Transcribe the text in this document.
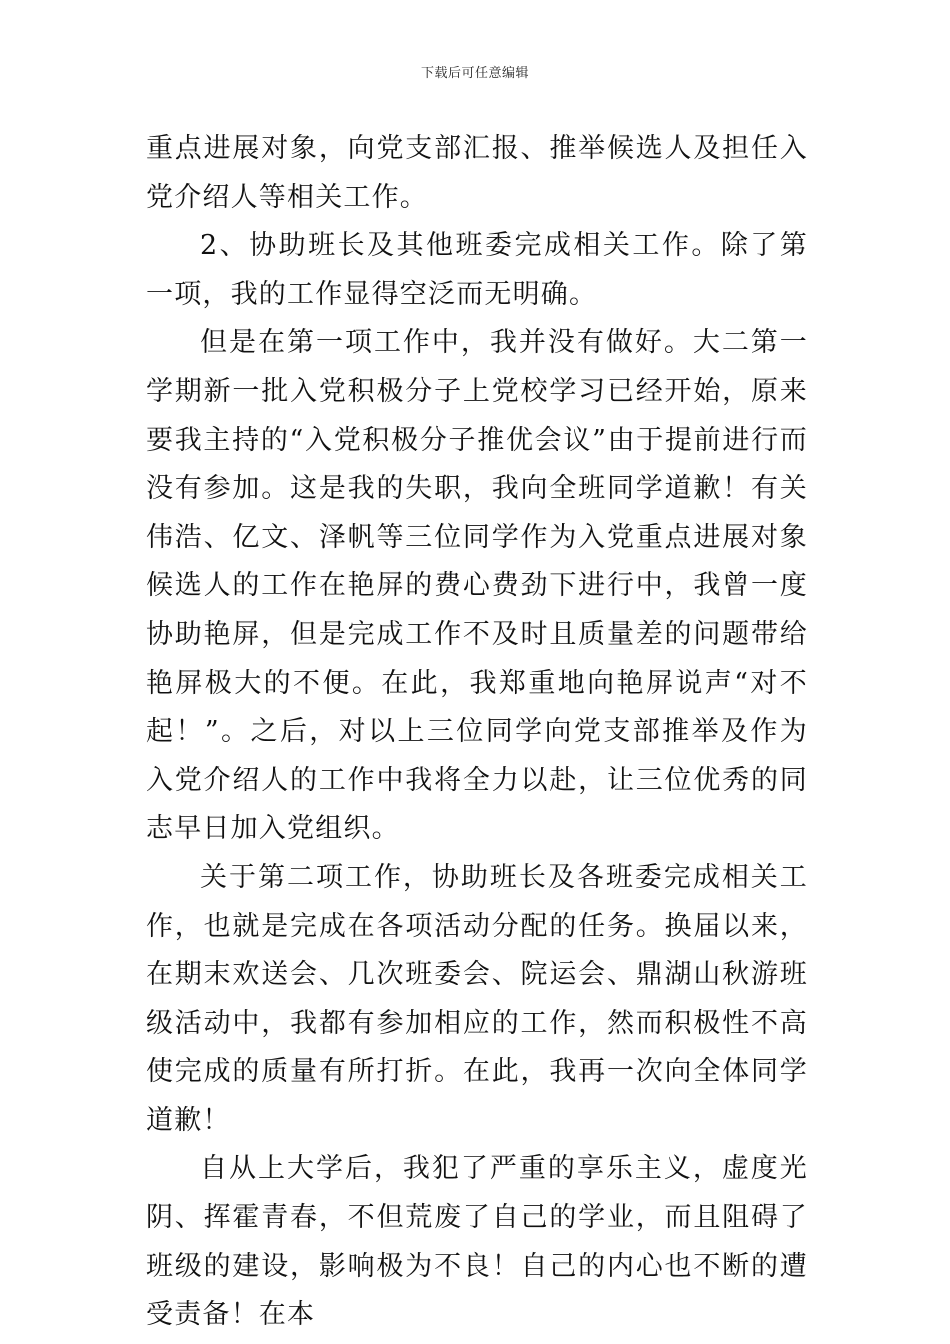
下载后可任意编辑

重点进展对象，向党支部汇报、推举候选人及担任入党介绍人等相关工作。

2、协助班长及其他班委完成相关工作。除了第一项，我的工作显得空泛而无明确。

但是在第一项工作中，我并没有做好。大二第一学期新一批入党积极分子上党校学习已经开始，原来要我主持的“入党积极分子推优会议”由于提前进行而没有参加。这是我的失职，我向全班同学道歉！有关伟浩、亿文、泽帆等三位同学作为入党重点进展对象候选人的工作在艳屏的费心费劲下进行中，我曾一度协助艳屏，但是完成工作不及时且质量差的问题带给艳屏极大的不便。在此，我郑重地向艳屏说声“对不起！”。之后，对以上三位同学向党支部推举及作为入党介绍人的工作中我将全力以赴，让三位优秀的同志早日加入党组织。

关于第二项工作，协助班长及各班委完成相关工作，也就是完成在各项活动分配的任务。换届以来，在期末欢送会、几次班委会、院运会、鼎湖山秋游班级活动中，我都有参加相应的工作，然而积极性不高使完成的质量有所打折。在此，我再一次向全体同学道歉！

自从上大学后，我犯了严重的享乐主义，虚度光阴、挥霍青春，不但荒废了自己的学业，而且阻碍了班级的建设，影响极为不良！自己的内心也不断的遭受责备！在本
